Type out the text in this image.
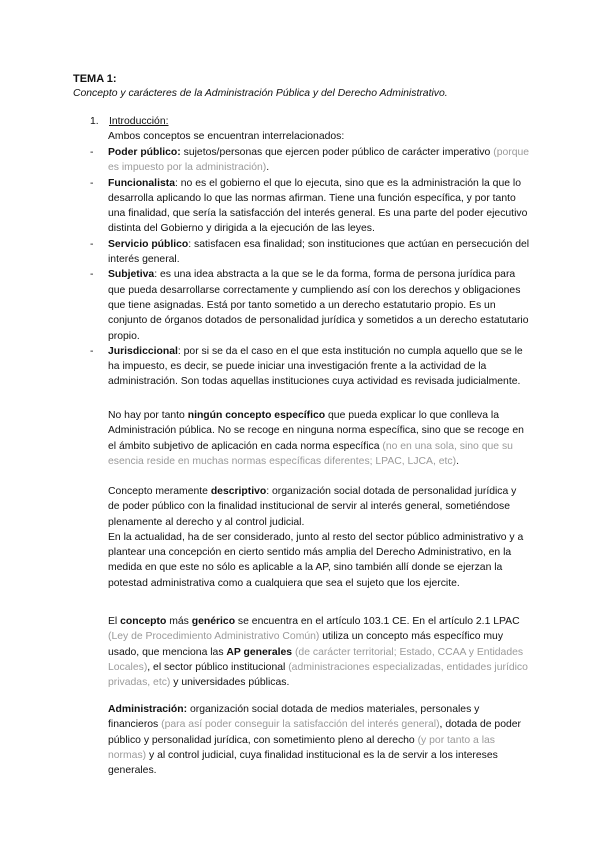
TEMA 1:
Concepto y carácteres de la Administración Pública y del Derecho Administrativo.
1. Introducción:
Ambos conceptos se encuentran interrelacionados:
- Poder público: sujetos/personas que ejercen poder público de carácter imperativo (porque es impuesto por la administración).
- Funcionalista: no es el gobierno el que lo ejecuta, sino que es la administración la que lo desarrolla aplicando lo que las normas afirman. Tiene una función específica, y por tanto una finalidad, que sería la satisfacción del interés general. Es una parte del poder ejecutivo distinta del Gobierno y dirigida a la ejecución de las leyes.
- Servicio público: satisfacen esa finalidad; son instituciones que actúan en persecución del interés general.
- Subjetiva: es una idea abstracta a la que se le da forma, forma de persona jurídica para que pueda desarrollarse correctamente y cumpliendo así con los derechos y obligaciones que tiene asignadas. Está por tanto sometido a un derecho estatutario propio. Es un conjunto de órganos dotados de personalidad jurídica y sometidos a un derecho estatutario propio.
- Jurisdiccional: por si se da el caso en el que esta institución no cumpla aquello que se le ha impuesto, es decir, se puede iniciar una investigación frente a la actividad de la administración. Son todas aquellas instituciones cuya actividad es revisada judicialmente.

No hay por tanto ningún concepto específico que pueda explicar lo que conlleva la Administración pública. No se recoge en ninguna norma específica, sino que se recoge en el ámbito subjetivo de aplicación en cada norma específica (no en una sola, sino que su esencia reside en muchas normas específicas diferentes; LPAC, LJCA, etc).

Concepto meramente descriptivo: organización social dotada de personalidad jurídica y de poder público con la finalidad institucional de servir al interés general, sometiéndose plenamente al derecho y al control judicial.

En la actualidad, ha de ser considerado, junto al resto del sector público administrativo y a plantear una concepción en cierto sentido más amplia del Derecho Administrativo, en la medida en que este no sólo es aplicable a la AP, sino también allí donde se ejerzan la potestad administrativa como a cualquiera que sea el sujeto que los ejercite.

El concepto más genérico se encuentra en el artículo 103.1 CE. En el artículo 2.1 LPAC (Ley de Procedimiento Administrativo Común) utiliza un concepto más específico muy usado, que menciona las AP generales (de carácter territorial; Estado, CCAA y Entidades Locales), el sector público institucional (administraciones especializadas, entidades jurídico privadas, etc) y universidades públicas.

Administración: organización social dotada de medios materiales, personales y financieros (para así poder conseguir la satisfacción del interés general), dotada de poder público y personalidad jurídica, con sometimiento pleno al derecho (y por tanto a las normas) y al control judicial, cuya finalidad institucional es la de servir a los intereses generales.
